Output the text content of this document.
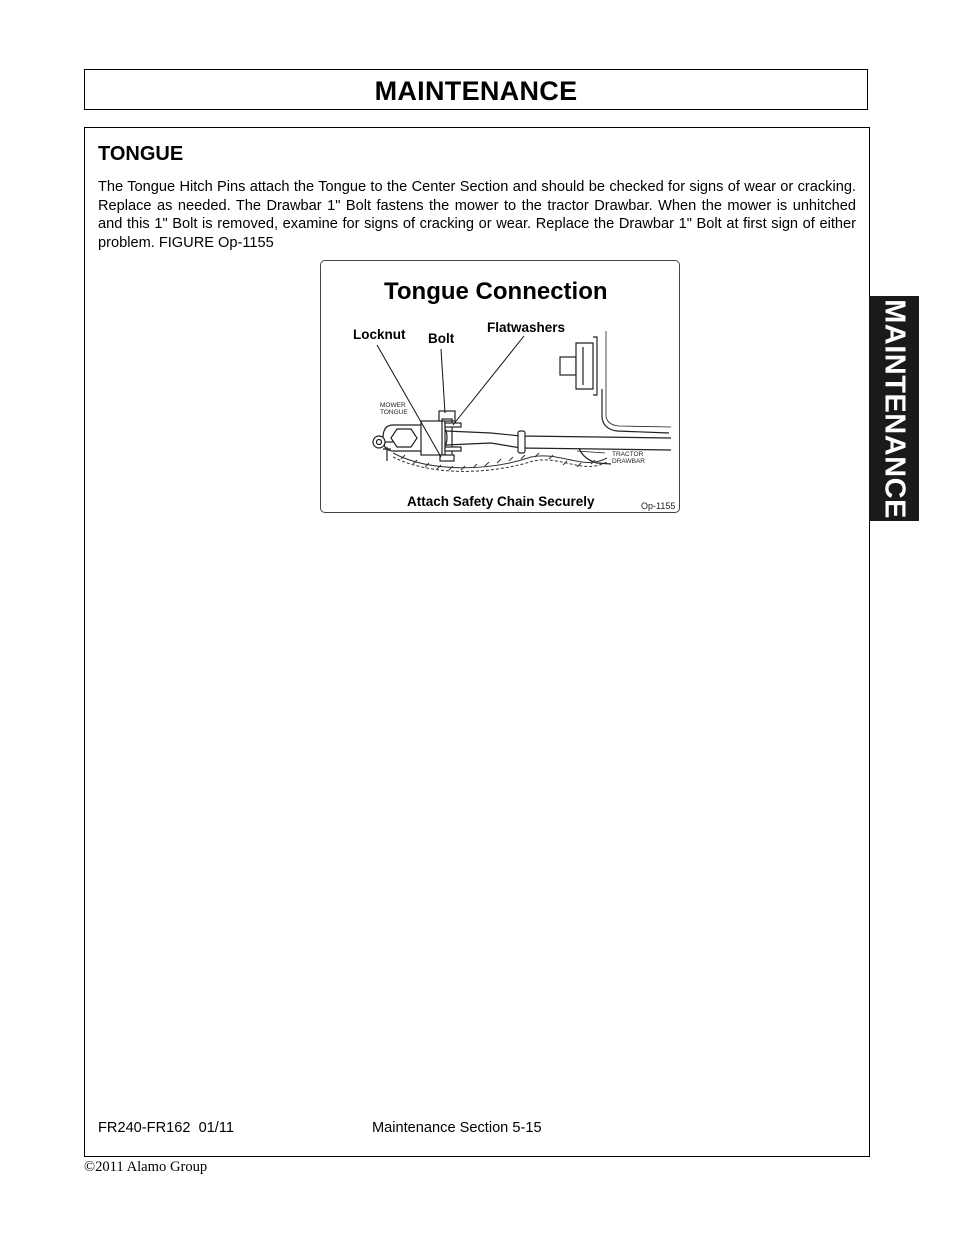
MAINTENANCE
TONGUE

The Tongue Hitch Pins attach the Tongue to the Center Section and should be checked for signs of wear or cracking. Replace as needed. The Drawbar 1" Bolt fastens the mower to the tractor Drawbar. When the mower is unhitched and this 1" Bolt is removed, examine for signs of cracking or wear. Replace the Drawbar 1" Bolt at first sign of either problem. FIGURE Op-1155

Tongue Connection
Locknut Bolt
Flatwashers
MOWER
TONGUE
TRACTOR
DRAWBAR
Attach Safety Chain Securely	Op-1155	MAINTENANCE
FR240-FR162  01/11	Maintenance Section 5-15
©2011 Alamo Group
